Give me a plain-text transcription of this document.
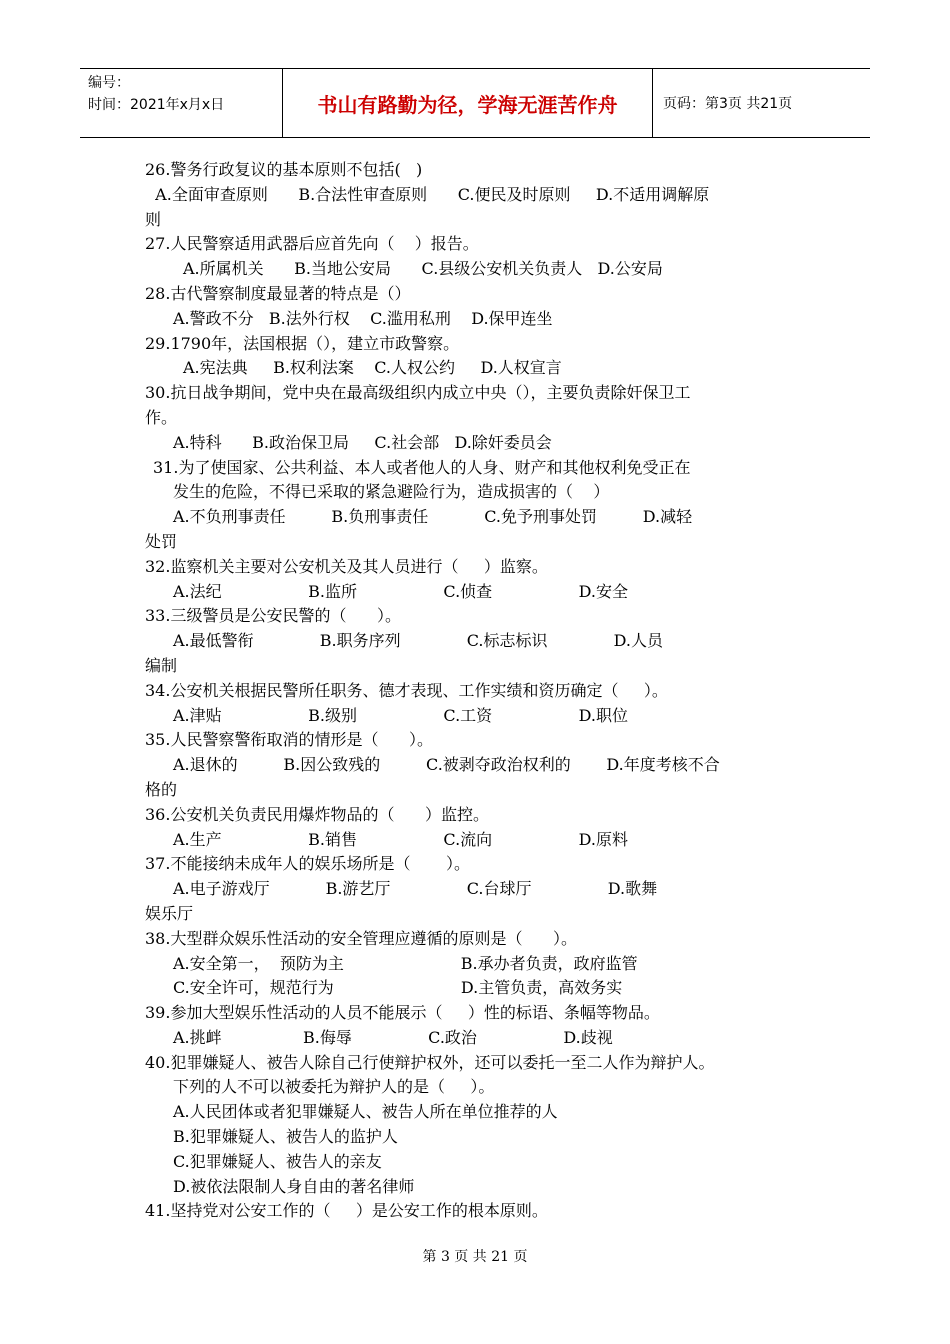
编号：
时间：2021年x月x日	书山有路勤为径，学海无涯苦作舟	页码：第3页 共21页
26.警务行政复议的基本原则不包括(   )
A.全面审查原则      B.合法性审查原则      C.便民及时原则     D.不适用调解原
则
27.人民警察适用武器后应首先向（    ）报告。
A.所属机关      B.当地公安局      C.县级公安机关负责人   D.公安局
28.古代警察制度最显著的特点是（）
A.警政不分   B.法外行权    C.滥用私刑    D.保甲连坐
29.1790年，法国根据（），建立市政警察。
A.宪法典     B.权利法案    C.人权公约     D.人权宣言
30.抗日战争期间，党中央在最高级组织内成立中央（），主要负责除奸保卫工
作。
A.特科      B.政治保卫局     C.社会部   D.除奸委员会
31.为了使国家、公共利益、本人或者他人的人身、财产和其他权利免受正在
发生的危险，不得已采取的紧急避险行为，造成损害的（    ）
A.不负刑事责任         B.负刑事责任           C.免予刑事处罚         D.减轻
处罚
32.监察机关主要对公安机关及其人员进行（     ）监察。
A.法纪                 B.监所                 C.侦查                 D.安全
33.三级警员是公安民警的（      ）。
A.最低警衔             B.职务序列             C.标志标识             D.人员
编制
34.公安机关根据民警所任职务、德才表现、工作实绩和资历确定（     ）。
A.津贴                 B.级别                 C.工资                 D.职位
35.人民警察警衔取消的情形是（      ）。
A.退休的         B.因公致残的         C.被剥夺政治权利的       D.年度考核不合
格的
36.公安机关负责民用爆炸物品的（      ）监控。
A.生产                 B.销售                 C.流向                 D.原料
37.不能接纳未成年人的娱乐场所是（       ）。
A.电子游戏厅           B.游艺厅               C.台球厅               D.歌舞
娱乐厅
38.大型群众娱乐性活动的安全管理应遵循的原则是（      ）。
A.安全第一，  预防为主                       B.承办者负责，政府监管
C.安全许可，规范行为                         D.主管负责，高效务实
39.参加大型娱乐性活动的人员不能展示（     ）性的标语、条幅等物品。
A.挑衅                B.侮辱               C.政治                 D.歧视
40.犯罪嫌疑人、被告人除自己行使辩护权外，还可以委托一至二人作为辩护人。
下列的人不可以被委托为辩护人的是（     ）。
A.人民团体或者犯罪嫌疑人、被告人所在单位推荐的人
B.犯罪嫌疑人、被告人的监护人
C.犯罪嫌疑人、被告人的亲友
D.被依法限制人身自由的著名律师
41.坚持党对公安工作的（     ）是公安工作的根本原则。
第 3 页 共 21 页
